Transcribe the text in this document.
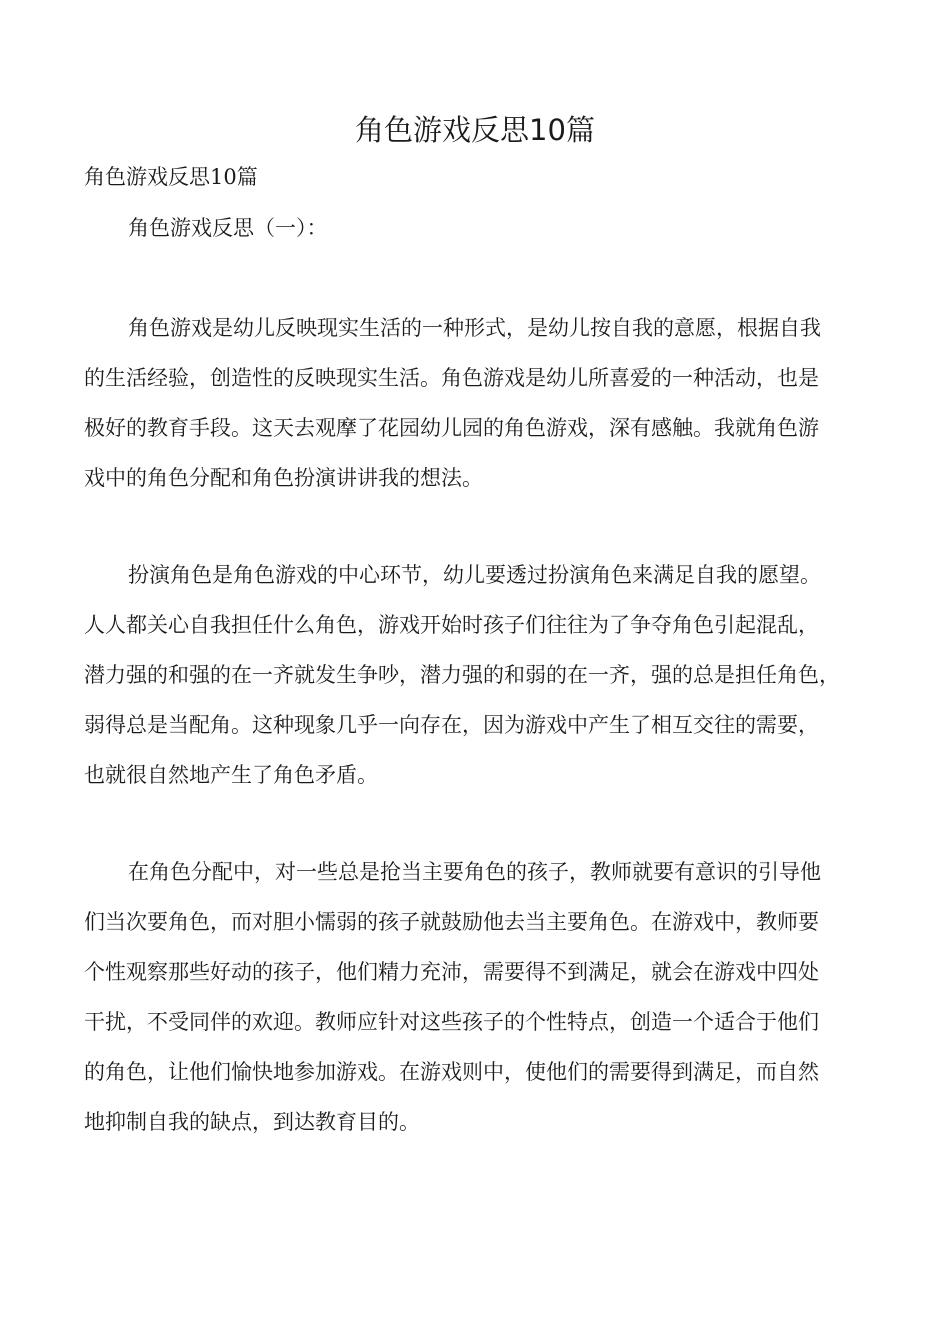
角色游戏反思10篇
角色游戏反思10篇
角色游戏反思（一）：
角色游戏是幼儿反映现实生活的一种形式，是幼儿按自我的意愿，根据自我
的生活经验，创造性的反映现实生活。角色游戏是幼儿所喜爱的一种活动，也是
极好的教育手段。这天去观摩了花园幼儿园的角色游戏，深有感触。我就角色游
戏中的角色分配和角色扮演讲讲我的想法。
扮演角色是角色游戏的中心环节，幼儿要透过扮演角色来满足自我的愿望。
人人都关心自我担任什么角色，游戏开始时孩子们往往为了争夺角色引起混乱，
潜力强的和强的在一齐就发生争吵，潜力强的和弱的在一齐，强的总是担任角色，
弱得总是当配角。这种现象几乎一向存在，因为游戏中产生了相互交往的需要，
也就很自然地产生了角色矛盾。
在角色分配中，对一些总是抢当主要角色的孩子，教师就要有意识的引导他
们当次要角色，而对胆小懦弱的孩子就鼓励他去当主要角色。在游戏中，教师要
个性观察那些好动的孩子，他们精力充沛，需要得不到满足，就会在游戏中四处
干扰，不受同伴的欢迎。教师应针对这些孩子的个性特点，创造一个适合于他们
的角色，让他们愉快地参加游戏。在游戏则中，使他们的需要得到满足，而自然
地抑制自我的缺点，到达教育目的。
